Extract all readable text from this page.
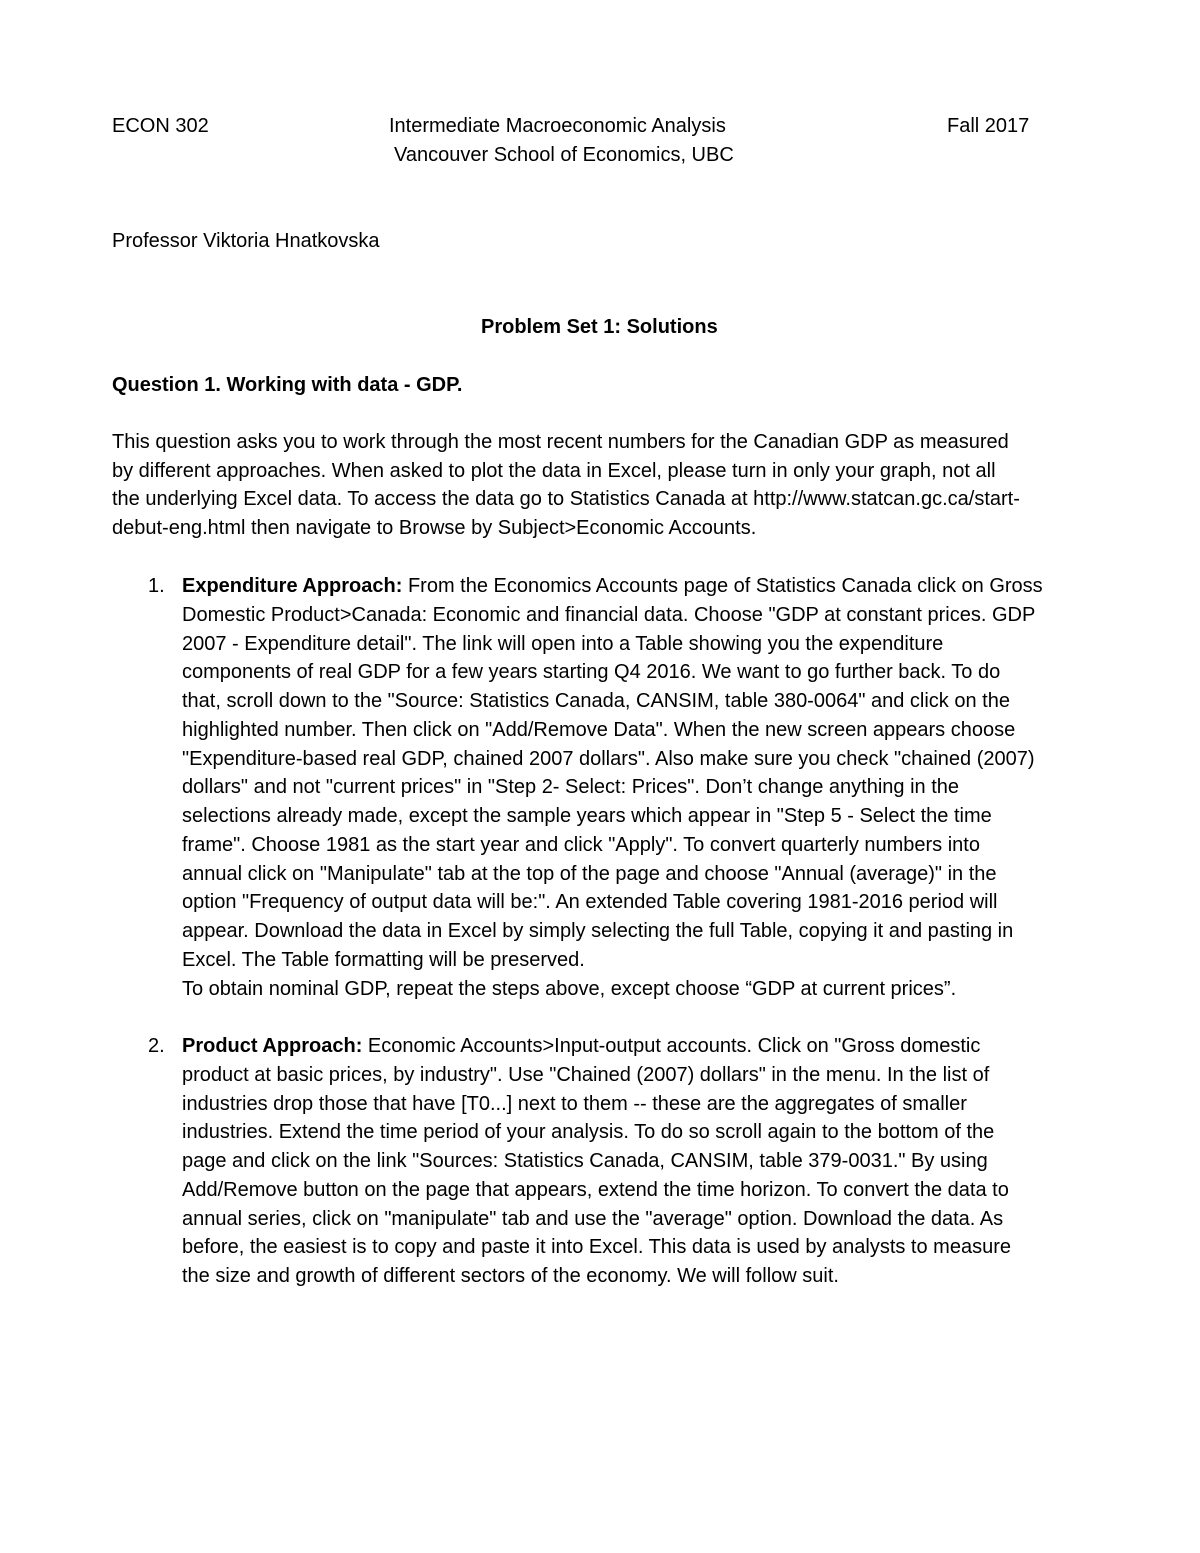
ECON 302	Intermediate Macroeconomic Analysis	Fall 2017
Vancouver School of Economics, UBC
Professor Viktoria Hnatkovska
Problem Set 1: Solutions
Question 1. Working with data - GDP.
This question asks you to work through the most recent numbers for the Canadian GDP as measured
by different approaches. When asked to plot the data in Excel, please turn in only your graph, not all
the underlying Excel data. To access the data go to Statistics Canada at http://www.statcan.gc.ca/start-
debut-eng.html then navigate to Browse by Subject>Economic Accounts.
1. Expenditure Approach: From the Economics Accounts page of Statistics Canada click on Gross
Domestic Product>Canada: Economic and financial data. Choose "GDP at constant prices. GDP
2007 - Expenditure detail". The link will open into a Table showing you the expenditure
components of real GDP for a few years starting Q4 2016. We want to go further back. To do
that, scroll down to the "Source: Statistics Canada, CANSIM, table 380-0064" and click on the
highlighted number. Then click on "Add/Remove Data". When the new screen appears choose
"Expenditure-based real GDP, chained 2007 dollars". Also make sure you check "chained (2007)
dollars" and not "current prices" in "Step 2- Select: Prices". Don’t change anything in the
selections already made, except the sample years which appear in "Step 5 - Select the time
frame". Choose 1981 as the start year and click "Apply". To convert quarterly numbers into
annual click on "Manipulate" tab at the top of the page and choose "Annual (average)" in the
option "Frequency of output data will be:". An extended Table covering 1981-2016 period will
appear. Download the data in Excel by simply selecting the full Table, copying it and pasting in
Excel. The Table formatting will be preserved.
To obtain nominal GDP, repeat the steps above, except choose “GDP at current prices”.
2. Product Approach: Economic Accounts>Input-output accounts. Click on "Gross domestic
product at basic prices, by industry". Use "Chained (2007) dollars" in the menu. In the list of
industries drop those that have [T0...] next to them -- these are the aggregates of smaller
industries. Extend the time period of your analysis. To do so scroll again to the bottom of the
page and click on the link "Sources: Statistics Canada, CANSIM, table 379-0031." By using
Add/Remove button on the page that appears, extend the time horizon. To convert the data to
annual series, click on "manipulate" tab and use the "average" option. Download the data. As
before, the easiest is to copy and paste it into Excel. This data is used by analysts to measure
the size and growth of different sectors of the economy. We will follow suit.
